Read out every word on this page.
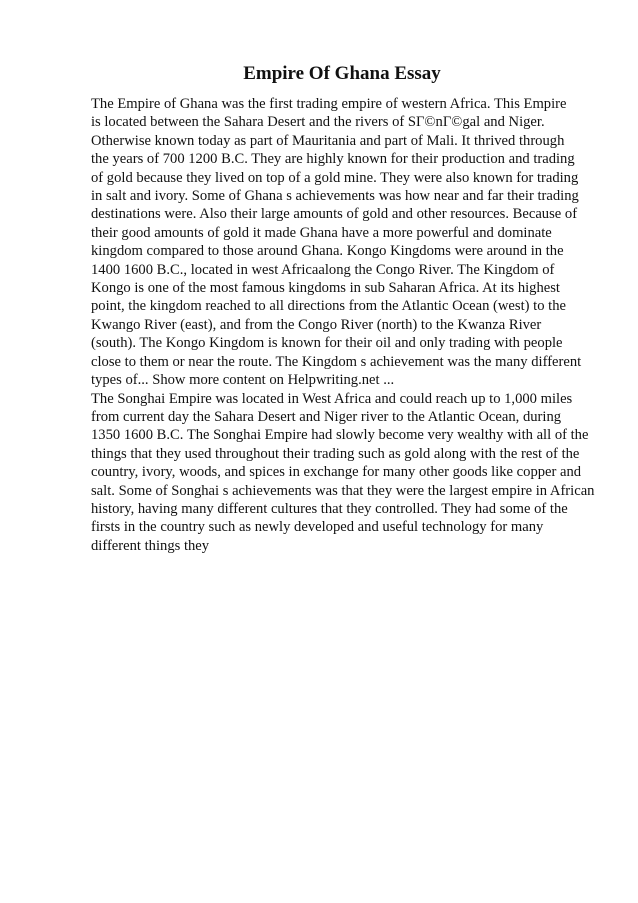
Empire Of Ghana Essay
The Empire of Ghana was the first trading empire of western Africa. This Empire
is located between the Sahara Desert and the rivers of SГ©nГ©gal and Niger.
Otherwise known today as part of Mauritania and part of Mali. It thrived through
the years of 700 1200 B.C. They are highly known for their production and trading
of gold because they lived on top of a gold mine. They were also known for trading
in salt and ivory. Some of Ghana s achievements was how near and far their trading
destinations were. Also their large amounts of gold and other resources. Because of
their good amounts of gold it made Ghana have a more powerful and dominate
kingdom compared to those around Ghana. Kongo Kingdoms were around in the
1400 1600 B.C., located in west Africaalong the Congo River. The Kingdom of
Kongo is one of the most famous kingdoms in sub Saharan Africa. At its highest
point, the kingdom reached to all directions from the Atlantic Ocean (west) to the
Kwango River (east), and from the Congo River (north) to the Kwanza River
(south). The Kongo Kingdom is known for their oil and only trading with people
close to them or near the route. The Kingdom s achievement was the many different
types of... Show more content on Helpwriting.net ...
The Songhai Empire was located in West Africa and could reach up to 1,000 miles
from current day the Sahara Desert and Niger river to the Atlantic Ocean, during
1350 1600 B.C. The Songhai Empire had slowly become very wealthy with all of the
things that they used throughout their trading such as gold along with the rest of the
country, ivory, woods, and spices in exchange for many other goods like copper and
salt. Some of Songhai s achievements was that they were the largest empire in African
history, having many different cultures that they controlled. They had some of the
firsts in the country such as newly developed and useful technology for many
different things they
